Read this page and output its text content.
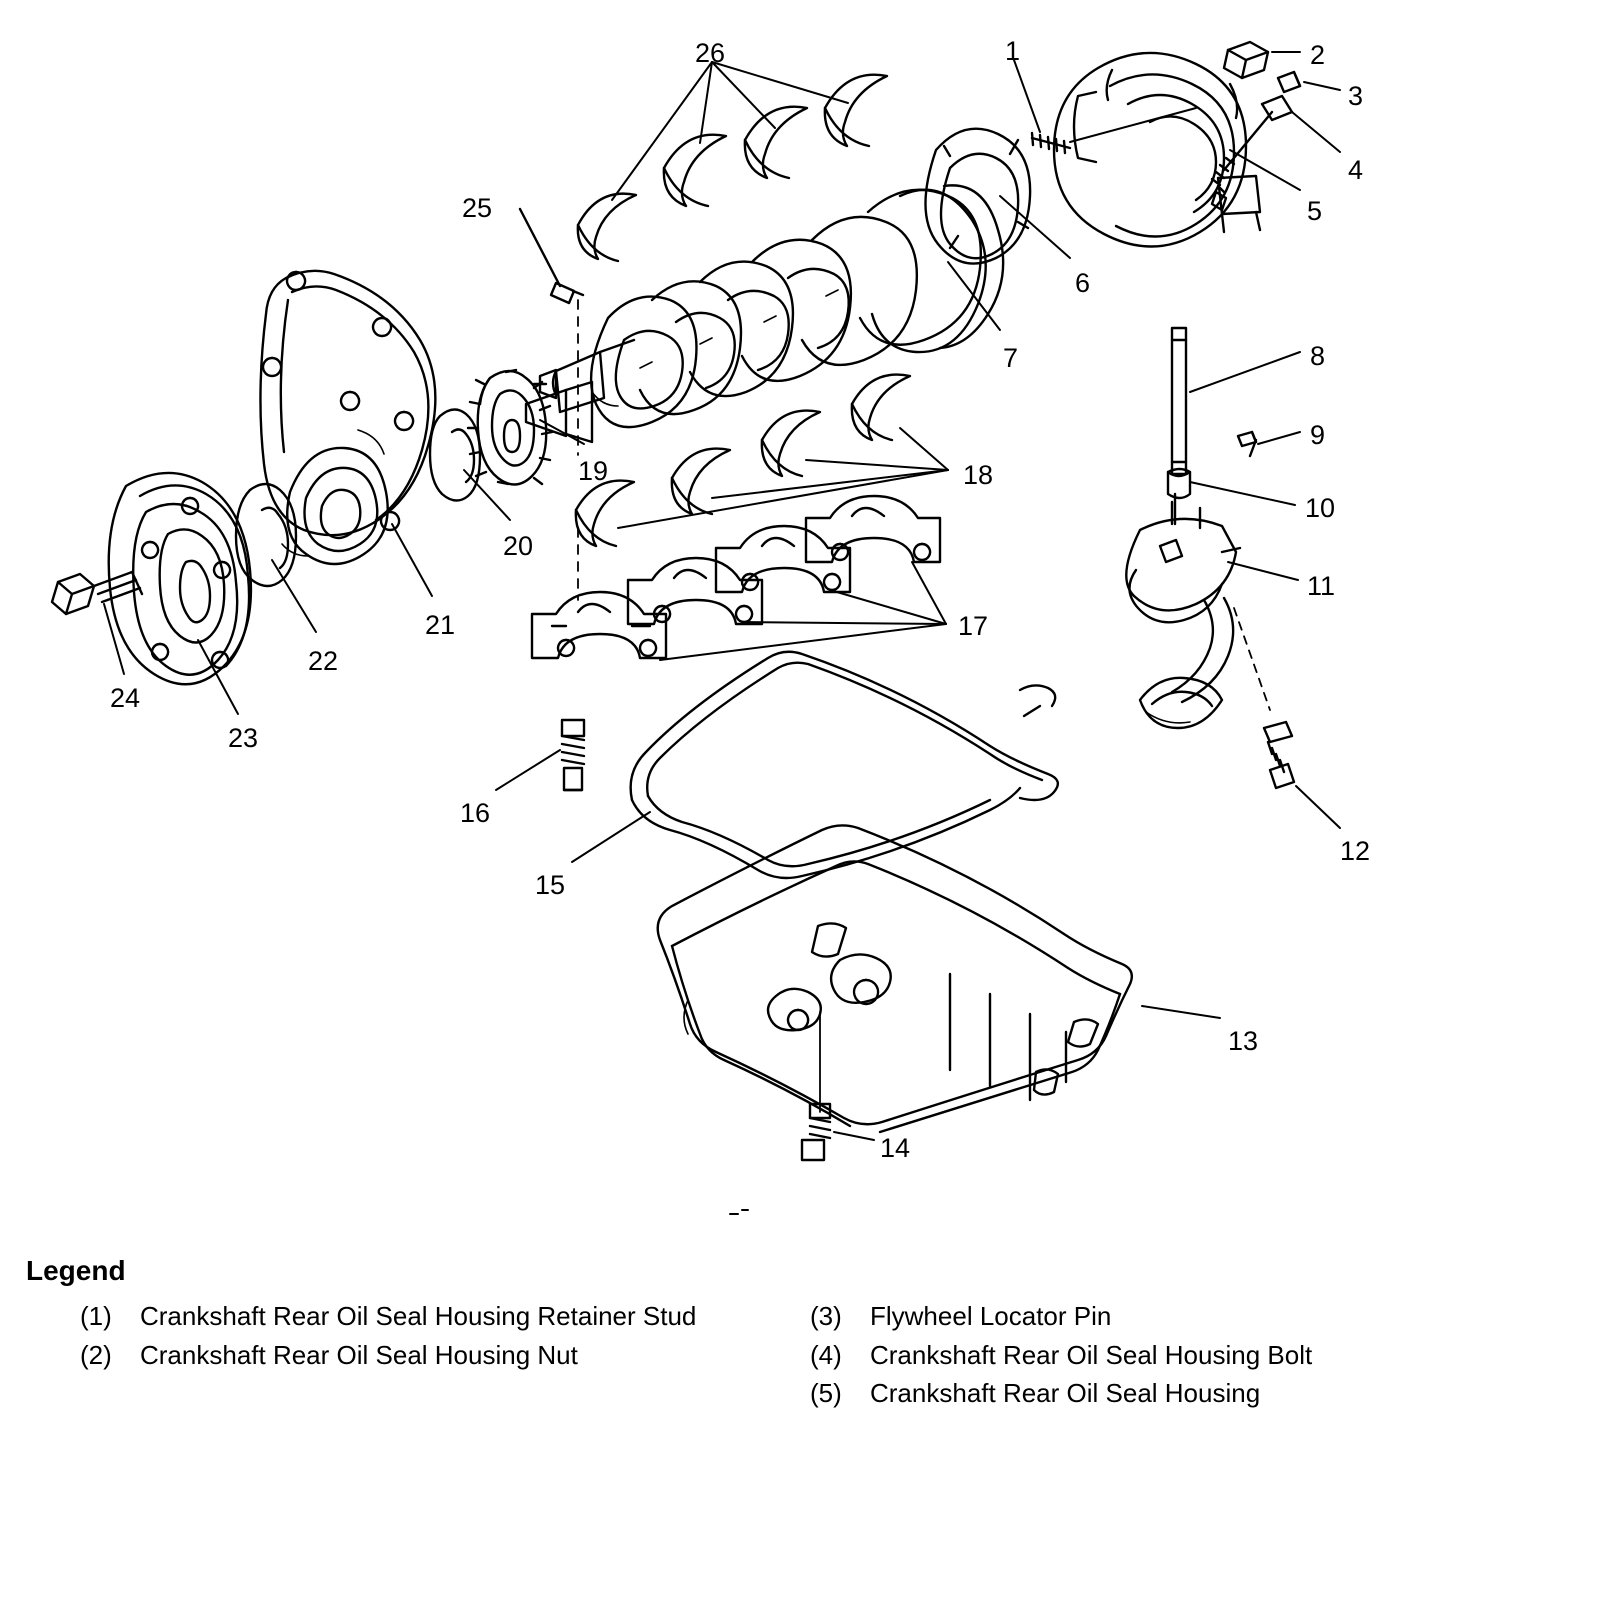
1	2
3
4
5
6
7	8
9
10
11
12
13
14
15
16
17
18
19
20
21
22
23
24
25
26
Legend
(1)	Crankshaft Rear Oil Seal Housing Retainer Stud
(2)	Crankshaft Rear Oil Seal Housing Nut
(3)	Flywheel Locator Pin
(4)	Crankshaft Rear Oil Seal Housing Bolt
(5)	Crankshaft Rear Oil Seal Housing
